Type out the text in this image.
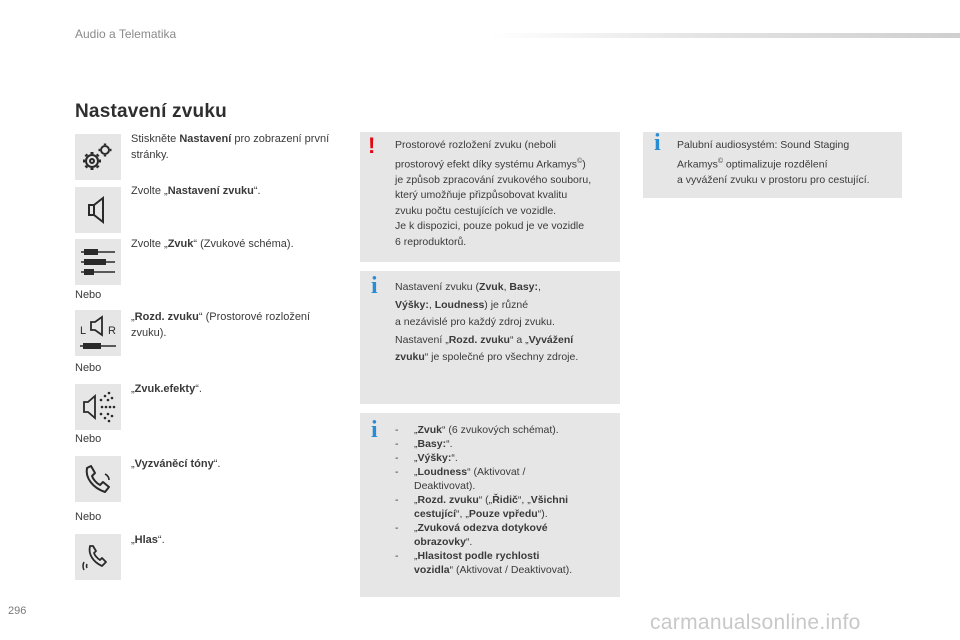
Audio a Telematika
Nastavení zvuku
Stiskněte Nastavení pro zobrazení první stránky.
Zvolte „Nastavení zvuku“.
Zvolte „Zvuk“ (Zvukové schéma).
Nebo
L R
„Rozd. zvuku“ (Prostorové rozložení zvuku).
Nebo
„Zvuk.efekty“.
Nebo
„Vyzváněcí tóny“.
Nebo
„Hlas“.
! Prostorové rozložení zvuku (neboli
prostorový efekt díky systému Arkamys©)
je způsob zpracování zvukového souboru,
který umožňuje přizpůsobovat kvalitu
zvuku počtu cestujících ve vozidle.
Je k dispozici, pouze pokud je ve vozidle
6 reproduktorů.
i Palubní audiosystém: Sound Staging
Arkamys© optimalizuje rozdělení
a vyvážení zvuku v prostoru pro cestující.
i Nastavení zvuku (Zvuk, Basy:,
Výšky:, Loudness) je různé
a nezávislé pro každý zdroj zvuku.
Nastavení „Rozd. zvuku“ a „Vyvážení
zvuku“ je společné pro všechny zdroje.
i -	„Zvuk“ (6 zvukových schémat).
-	„Basy:“.
-	„Výšky:“.
-	„Loudness“ (Aktivovat /
Deaktivovat).
-	„Rozd. zvuku“ („Řidič“, „Všichni
cestující“, „Pouze vpředu“).
-	„Zvuková odezva dotykové
obrazovky“.
-	„Hlasitost podle rychlosti
vozidla“ (Aktivovat / Deaktivovat).
296	carmanualsonline.info
